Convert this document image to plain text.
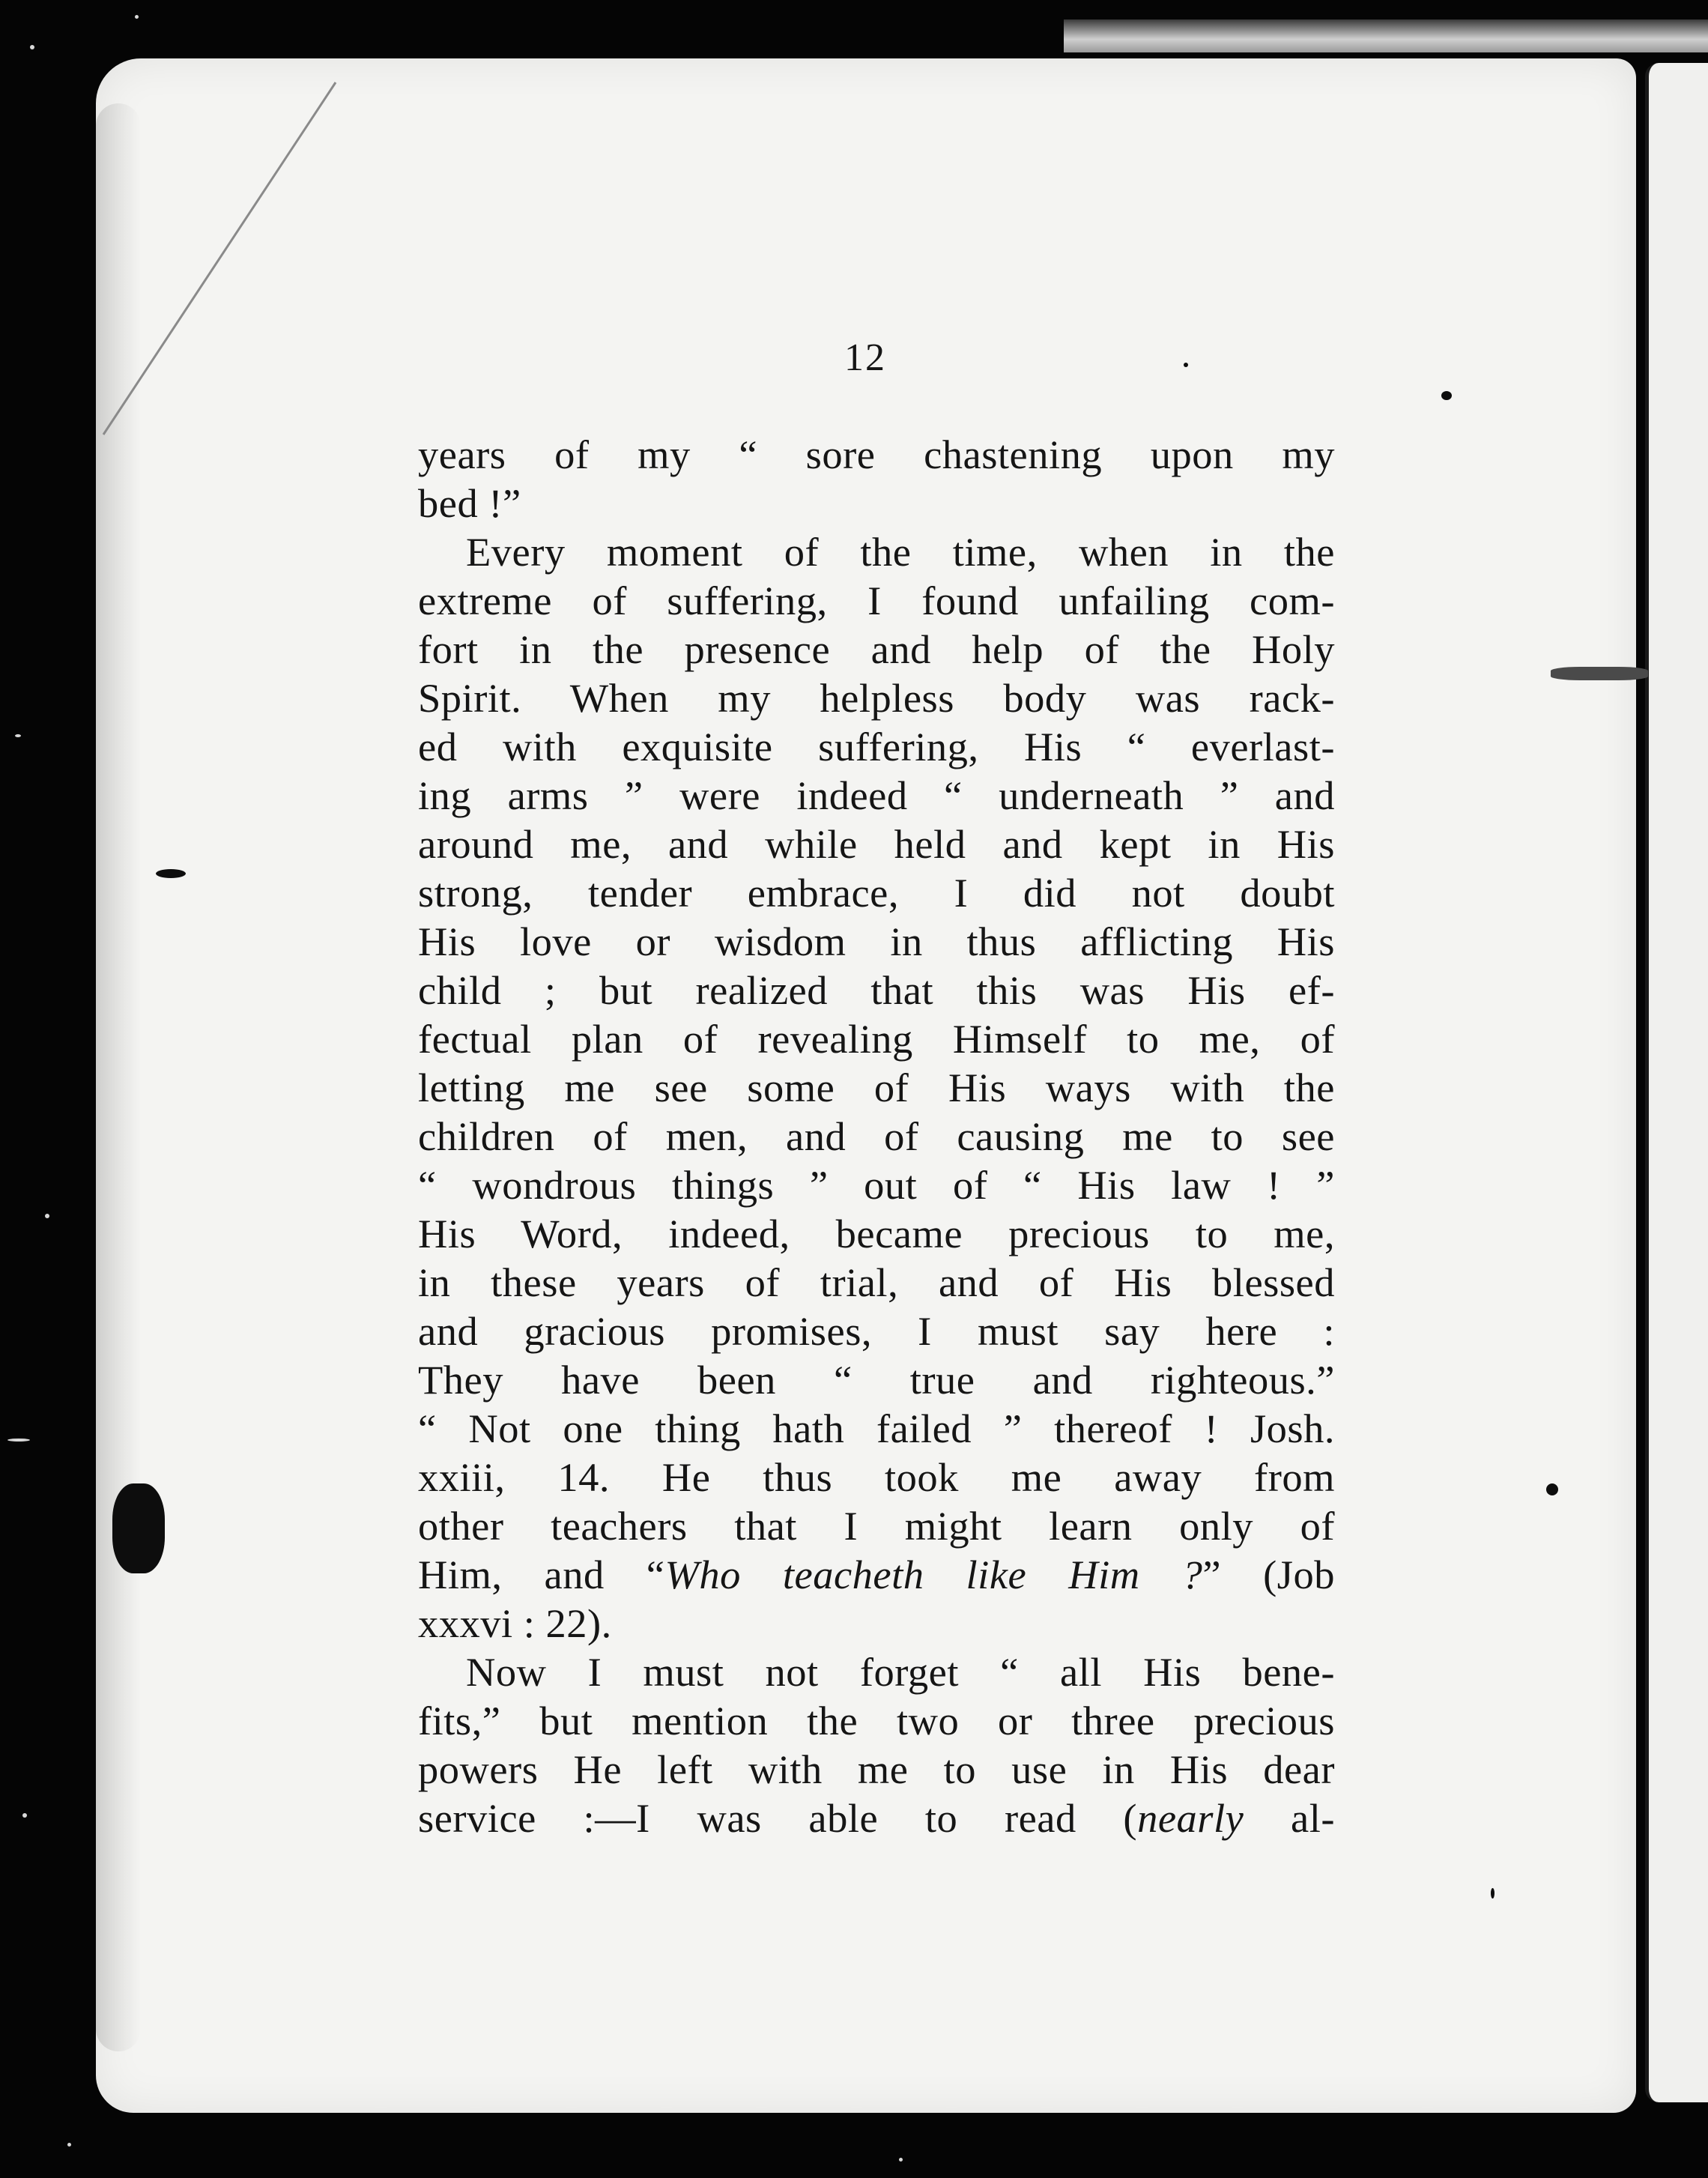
12
years of my “ sore chastening upon my
bed !”
Every moment of the time, when in the
extreme of suffering, I found unfailing com-
fort in the presence and help of the Holy
Spirit. When my helpless body was rack-
ed with exquisite suffering, His “ everlast-
ing arms ” were indeed “ underneath ” and
around me, and while held and kept in His
strong, tender embrace, I did not doubt
His love or wisdom in thus afflicting His
child ; but realized that this was His ef-
fectual plan of revealing Himself to me, of
letting me see some of His ways with the
children of men, and of causing me to see
“ wondrous things ” out of “ His law ! ”
His Word, indeed, became precious to me,
in these years of trial, and of His blessed
and gracious promises, I must say here :
They have been “ true and righteous.”
“ Not one thing hath failed ” thereof ! Josh.
xxiii, 14. He thus took me away from
other teachers that I might learn only of
Him, and “Who teacheth like Him ?” (Job
xxxvi : 22).
Now I must not forget “ all His bene-
fits,” but mention the two or three precious
powers He left with me to use in His dear
service :—I was able to read (nearly al-
